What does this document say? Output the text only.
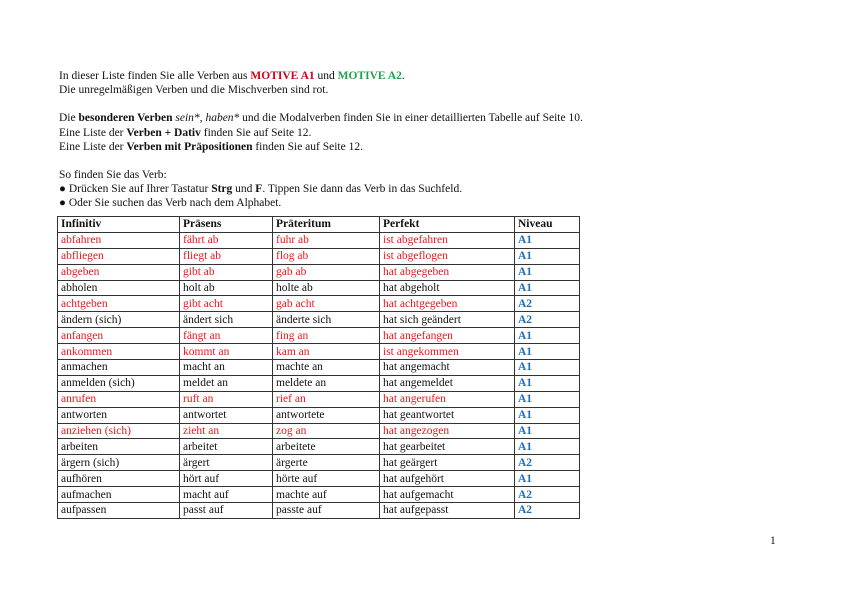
In dieser Liste finden Sie alle Verben aus MOTIVE A1 und MOTIVE A2.

Die unregelmäßigen Verben und die Mischverben sind rot.

Die besonderen Verben sein*, haben* und die Modalverben finden Sie in einer detaillierten Tabelle auf Seite 10.

Eine Liste der Verben + Dativ finden Sie auf Seite 12.

Eine Liste der Verben mit Präpositionen finden Sie auf Seite 12.

So finden Sie das Verb:

● Drücken Sie auf Ihrer Tastatur Strg und F. Tippen Sie dann das Verb in das Suchfeld.

● Oder Sie suchen das Verb nach dem Alphabet.

Infinitiv	Präsens	Präteritum	Perfekt	Niveau
abfahren	fährt ab	fuhr ab	ist abgefahren	A1
abfliegen	fliegt ab	flog ab	ist abgeflogen	A1
abgeben	gibt ab	gab ab	hat abgegeben	A1
abholen	holt ab	holte ab	hat abgeholt	A1
achtgeben	gibt acht	gab acht	hat achtgegeben	A2
ändern (sich)	ändert sich	änderte sich	hat sich geändert	A2
anfangen	fängt an	fing an	hat angefangen	A1
ankommen	kommt an	kam an	ist angekommen	A1
anmachen	macht an	machte an	hat angemacht	A1
anmelden (sich)	meldet an	meldete an	hat angemeldet	A1
anrufen	ruft an	rief an	hat angerufen	A1
antworten	antwortet	antwortete	hat geantwortet	A1
anziehen (sich)	zieht an	zog an	hat angezogen	A1
arbeiten	arbeitet	arbeitete	hat gearbeitet	A1
ärgern (sich)	ärgert	ärgerte	hat geärgert	A2
aufhören	hört auf	hörte auf	hat aufgehört	A1
aufmachen	macht auf	machte auf	hat aufgemacht	A2
aufpassen	passt auf	passte auf	hat aufgepasst	A2
1
